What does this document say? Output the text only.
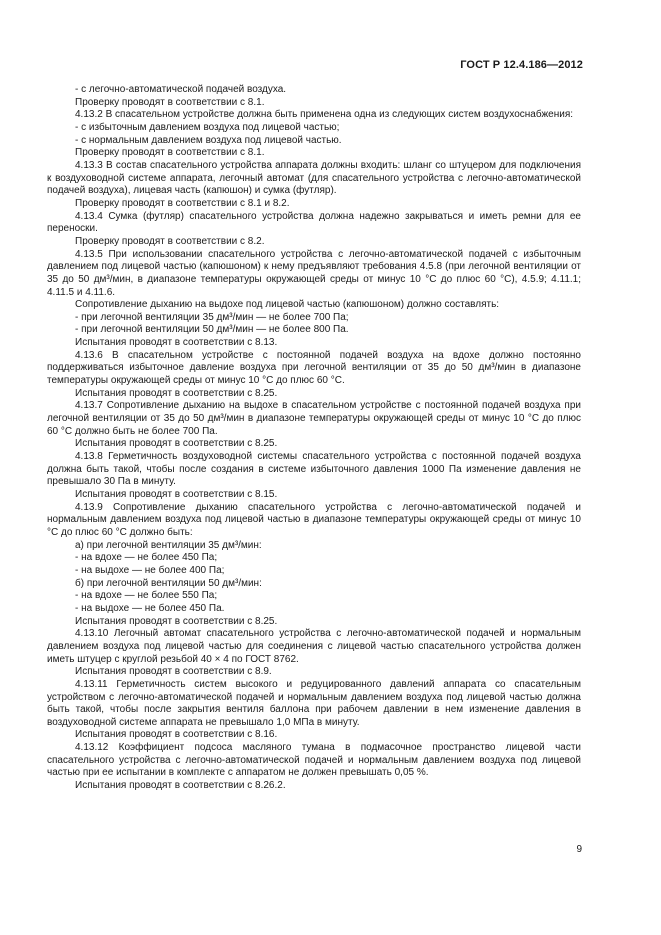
ГОСТ Р 12.4.186—2012

- с легочно-автоматической подачей воздуха.

Проверку проводят в соответствии с 8.1.

4.13.2 В спасательном устройстве должна быть применена одна из следующих систем воздухоснабжения:

- с избыточным давлением воздуха под лицевой частью;

- с нормальным давлением воздуха под лицевой частью.

Проверку проводят в соответствии с 8.1.

4.13.3 В состав спасательного устройства аппарата должны входить: шланг со штуцером для подключения к воздуховодной системе аппарата, легочный автомат (для спасательного устройства с легочно-автоматической подачей воздуха), лицевая часть (капюшон) и сумка (футляр).

Проверку проводят в соответствии с 8.1 и 8.2.

4.13.4 Сумка (футляр) спасательного устройства должна надежно закрываться и иметь ремни для ее переноски.

Проверку проводят в соответствии с 8.2.

4.13.5 При использовании спасательного устройства с легочно-автоматической подачей с избыточным давлением под лицевой частью (капюшоном) к нему предъявляют требования 4.5.8 (при легочной вентиляции от 35 до 50 дм³/мин, в диапазоне температуры окружающей среды от минус 10 °С до плюс 60 °С), 4.5.9; 4.11.1; 4.11.5 и 4.11.6.

Сопротивление дыханию на выдохе под лицевой частью (капюшоном) должно составлять:

- при легочной вентиляции 35 дм³/мин — не более 700 Па;

- при легочной вентиляции 50 дм³/мин — не более 800 Па.

Испытания проводят в соответствии с 8.13.

4.13.6 В спасательном устройстве с постоянной подачей воздуха на вдохе должно постоянно поддерживаться избыточное давление воздуха при легочной вентиляции от 35 до 50 дм³/мин в диапазоне температуры окружающей среды от минус 10 °С до плюс 60 °С.

Испытания проводят в соответствии с 8.25.

4.13.7 Сопротивление дыханию на выдохе в спасательном устройстве с постоянной подачей воздуха при легочной вентиляции от 35 до 50 дм³/мин в диапазоне температуры окружающей среды от минус 10 °С до плюс 60 °С должно быть не более 700 Па.

Испытания проводят в соответствии с 8.25.

4.13.8 Герметичность воздуховодной системы спасательного устройства с постоянной подачей воздуха должна быть такой, чтобы после создания в системе избыточного давления 1000 Па изменение давления не превышало 30 Па в минуту.

Испытания проводят в соответствии с 8.15.

4.13.9 Сопротивление дыханию спасательного устройства с легочно-автоматической подачей и нормальным давлением воздуха под лицевой частью в диапазоне температуры окружающей среды от минус 10 °С до плюс 60 °С должно быть:

а) при легочной вентиляции 35 дм³/мин:

- на вдохе — не более 450 Па;

- на выдохе — не более 400 Па;

б) при легочной вентиляции 50 дм³/мин:

- на вдохе — не более 550 Па;

- на выдохе — не более 450 Па.

Испытания проводят в соответствии с 8.25.

4.13.10 Легочный автомат спасательного устройства с легочно-автоматической подачей и нормальным давлением воздуха под лицевой частью для соединения с лицевой частью спасательного устройства должен иметь штуцер с круглой резьбой 40 × 4 по ГОСТ 8762.

Испытания проводят в соответствии с 8.9.

4.13.11 Герметичность систем высокого и редуцированного давлений аппарата со спасательным устройством с легочно-автоматической подачей и нормальным давлением воздуха под лицевой частью должна быть такой, чтобы после закрытия вентиля баллона при рабочем давлении в нем изменение давления в воздуховодной системе аппарата не превышало 1,0 МПа в минуту.

Испытания проводят в соответствии с 8.16.

4.13.12 Коэффициент подсоса масляного тумана в подмасочное пространство лицевой части спасательного устройства с легочно-автоматической подачей и нормальным давлением воздуха под лицевой частью при ее испытании в комплекте с аппаратом не должен превышать 0,05 %.

Испытания проводят в соответствии с 8.26.2.

9
